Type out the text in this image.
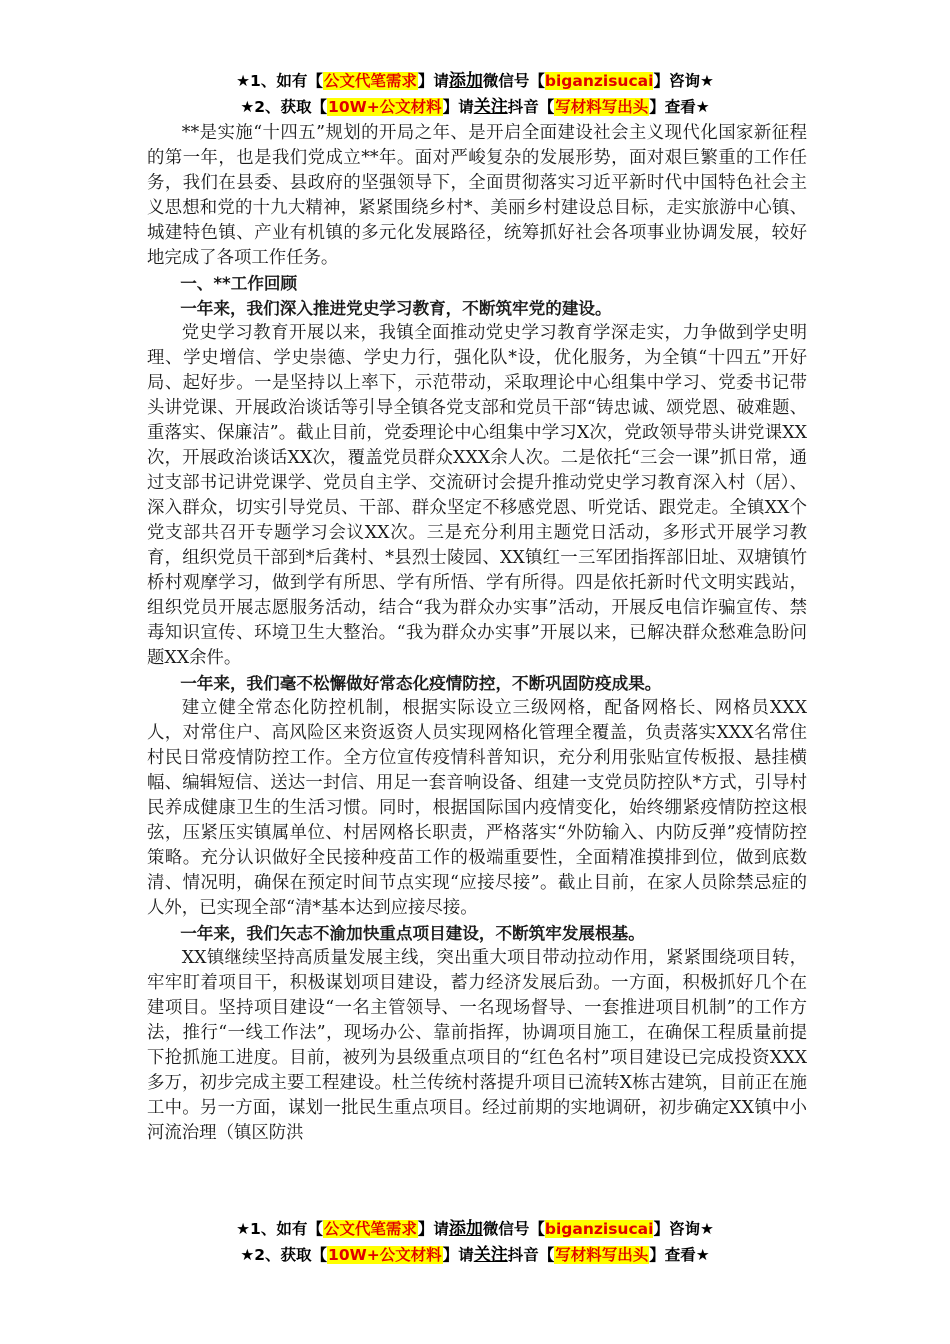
★1、如有【公文代笔需求】请添加微信号【biganzisucai】咨询★
★2、获取【10W+公文材料】请关注抖音【写材料写出头】查看★

**是实施“十四五”规划的开局之年、是开启全面建设社会主义现代化国家新征程的第一年，也是我们党成立**年。面对严峻复杂的发展形势，面对艰巨繁重的工作任务，我们在县委、县政府的坚强领导下，全面贯彻落实习近平新时代中国特色社会主义思想和党的十九大精神，紧紧围绕乡村*、美丽乡村建设总目标，走实旅游中心镇、城建特色镇、产业有机镇的多元化发展路径，统筹抓好社会各项事业协调发展，较好地完成了各项工作任务。

一、**工作回顾

一年来，我们深入推进党史学习教育，不断筑牢党的建设。

党史学习教育开展以来，我镇全面推动党史学习教育学深走实，力争做到学史明理、学史增信、学史崇德、学史力行，强化队*设，优化服务，为全镇“十四五”开好局、起好步。一是坚持以上率下，示范带动，采取理论中心组集中学习、党委书记带头讲党课、开展政治谈话等引导全镇各党支部和党员干部“铸忠诚、颂党恩、破难题、重落实、保廉洁”。截止目前，党委理论中心组集中学习X次，党政领导带头讲党课XX次，开展政治谈话XX次，覆盖党员群众XXX余人次。二是依托“三会一课”抓日常，通过支部书记讲党课学、党员自主学、交流研讨会提升推动党史学习教育深入村（居）、深入群众，切实引导党员、干部、群众坚定不移感党恩、听党话、跟党走。全镇XX个党支部共召开专题学习会议XX次。三是充分利用主题党日活动，多形式开展学习教育，组织党员干部到*后龚村、*县烈士陵园、XX镇红一三军团指挥部旧址、双塘镇竹桥村观摩学习，做到学有所思、学有所悟、学有所得。四是依托新时代文明实践站，组织党员开展志愿服务活动，结合“我为群众办实事”活动，开展反电信诈骗宣传、禁毒知识宣传、环境卫生大整治。“我为群众办实事”开展以来，已解决群众愁难急盼问题XX余件。

一年来，我们毫不松懈做好常态化疫情防控，不断巩固防疫成果。

建立健全常态化防控机制，根据实际设立三级网格，配备网格长、网格员XXX人，对常住户、高风险区来资返资人员实现网格化管理全覆盖，负责落实XXX名常住村民日常疫情防控工作。全方位宣传疫情科普知识，充分利用张贴宣传板报、悬挂横幅、编辑短信、送达一封信、用足一套音响设备、组建一支党员防控队*方式，引导村民养成健康卫生的生活习惯。同时，根据国际国内疫情变化，始终绷紧疫情防控这根弦，压紧压实镇属单位、村居网格长职责，严格落实“外防输入、内防反弹”疫情防控策略。充分认识做好全民接种疫苗工作的极端重要性，全面精准摸排到位，做到底数清、情况明，确保在预定时间节点实现“应接尽接”。截止目前，在家人员除禁忌症的人外，已实现全部“清*基本达到应接尽接。

一年来，我们矢志不渝加快重点项目建设，不断筑牢发展根基。

XX镇继续坚持高质量发展主线，突出重大项目带动拉动作用，紧紧围绕项目转，牢牢盯着项目干，积极谋划项目建设，蓄力经济发展后劲。一方面，积极抓好几个在建项目。坚持项目建设“一名主管领导、一名现场督导、一套推进项目机制”的工作方法，推行“一线工作法”，现场办公、靠前指挥，协调项目施工，在确保工程质量前提下抢抓施工进度。目前，被列为县级重点项目的“红色名村”项目建设已完成投资XXX多万，初步完成主要工程建设。杜兰传统村落提升项目已流转X栋古建筑，目前正在施工中。另一方面，谋划一批民生重点项目。经过前期的实地调研，初步确定XX镇中小河流治理（镇区防洪

★1、如有【公文代笔需求】请添加微信号【biganzisucai】咨询★
★2、获取【10W+公文材料】请关注抖音【写材料写出头】查看★
